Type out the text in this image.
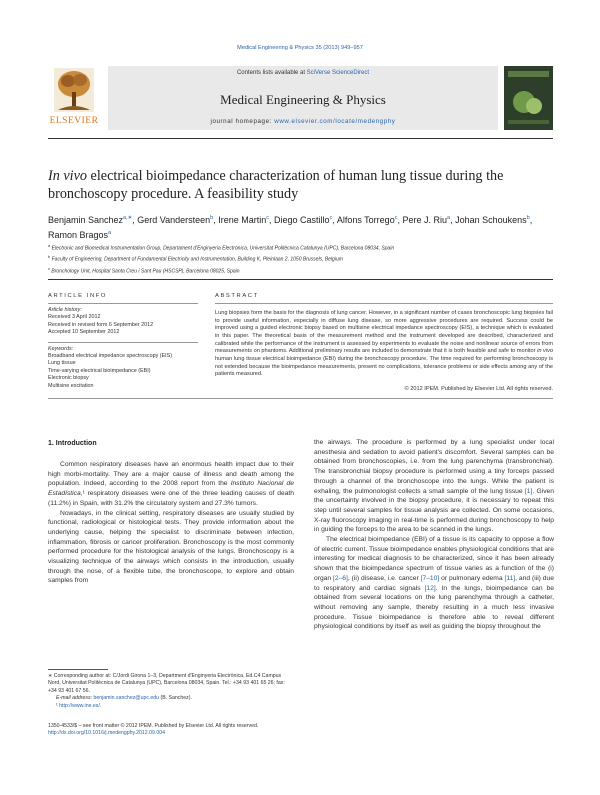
Medical Engineering & Physics 35 (2013) 949–957
ELSEVIER
Contents lists available at SciVerse ScienceDirect
Medical Engineering & Physics
journal homepage: www.elsevier.com/locate/medengphy
In vivo electrical bioimpedance characterization of human lung tissue during the bronchoscopy procedure. A feasibility study
Benjamin Sanchez$^{a,∗}$, Gerd Vandersteen$^b$, Irene Martin$^c$, Diego Castillo$^c$, Alfons Torrego$^c$, Pere J. Riu$^a$, Johan Schoukens$^b$, Ramon Bragos$^a$
$^a$ Electronic and Biomedical Instrumentation Group, Departament d'Enginyeria Electrònica, Universitat Politècnica Catalunya (UPC), Barcelona 08034, Spain
$^b$ Faculty of Engineering, Department of Fundamental Electricity and Instrumentation, Building K, Pleinlaan 2, 1050 Brussels, Belgium
$^c$ Bronchology Unit, Hospital Santa Creu i Sant Pau (HSCSP), Barcelona 08025, Spain
ARTICLE INFO	ABSTRACT
Article history:
Received 3 April 2012
Received in revised form 6 September 2012
Accepted 10 September 2012
Keywords:
Broadband electrical impedance spectroscopy (EIS)
Lung tissue
Time-varying electrical bioimpedance (EBI)
Electronic biopsy
Multisine excitation
Lung biopsies form the basis for the diagnosis of lung cancer. However, in a significant number of cases bronchoscopic lung biopsies fail to provide useful information, especially in diffuse lung disease, so more aggressive procedures are required. Success could be improved using a guided electronic biopsy based on multisine electrical impedance spectroscopy (EIS), a technique which is evaluated in this paper. The theoretical basis of the measurement method and the instrument developed are described, characterized and calibrated while the performance of the instrument is assessed by experiments to evaluate the noise and nonlinear source of errors from measurements on phantoms. Additional preliminary results are included to demonstrate that it is both feasible and safe to monitor in vivo human lung tissue electrical bioimpedance (EBI) during the bronchoscopy procedure. The time required for performing bronchoscopy is not extended because the bioimpedance measurements, present no complications, tolerance problems or side effects among any of the patients measured.
© 2012 IPEM. Published by Elsevier Ltd. All rights reserved.
1. Introduction

Common respiratory diseases have an enormous health impact due to their high morbi-mortality. They are a major cause of illness and death among the population. Indeed, according to the 2008 report from the Instituto Nacional de Estadística,¹ respiratory diseases were one of the three leading causes of death (11.2%) in Spain, with 31.2% the circulatory system and 27.3% tumors.

Nowadays, in the clinical setting, respiratory diseases are usually studied by functional, radiological or histological tests. They provide information about the underlying cause, helping the specialist to discriminate between infection, inflammation, fibrosis or cancer proliferation. Bronchoscopy is the most commonly performed procedure for the histological analysis of the lungs. Bronchoscopy is a visualizing technique of the airways which consists in the introduction, usually through the nose, of a flexible tube, the bronchoscope, to explore and obtain samples from

the airways. The procedure is performed by a lung specialist under local anesthesia and sedation to avoid patient's discomfort. Several samples can be obtained from bronchoscopies, i.e. from the lung parenchyma (transbronchial). The transbronchial biopsy procedure is performed using a tiny forceps passed through a channel of the bronchoscope into the lungs. While the patient is exhaling, the pulmonologist collects a small sample of the lung tissue [1]. Given the uncertainty involved in the biopsy procedure, it is necessary to repeat this step until several samples for tissue analysis are collected. On some occasions, X-ray fluoroscopy imaging in real-time is performed during bronchoscopy to help in guiding the forceps to the area to be scanned in the lungs.

The electrical bioimpedance (EBI) of a tissue is its capacity to oppose a flow of electric current. Tissue bioimpedance enables physiological conditions that are interesting for medical diagnosis to be characterized, since it has been already shown that the bioimpedance spectrum of tissue varies as a function of the (i) organ [2–6], (ii) disease, i.e. cancer [7–10] or pulmonary edema [11], and (iii) due to respiratory and cardiac signals [12]. In the lungs, bioimpedance can be obtained from several locations on the lung parenchyma through a catheter, without removing any sample, thereby resulting in a much less invasive procedure. Tissue bioimpedance is therefore able to reveal different physiological conditions by itself as well as guiding the biopsy throughout the

∗ Corresponding author at: C/Jordi Girona 1–3, Department d'Enginyeria Electrònica, Ed.C4 Campus Nord, Universitat Politècnica de Catalunya (UPC), Barcelona 08034, Spain. Tel.: +34 93 401 65 26; fax: +34 93 401 67 56.
E-mail address: benjamin.sanchez@upc.edu (B. Sanchez).
¹ http://www.ine.es/.
1350-4533/$ – see front matter © 2012 IPEM. Published by Elsevier Ltd. All rights reserved.
http://dx.doi.org/10.1016/j.medengphy.2012.09.004
